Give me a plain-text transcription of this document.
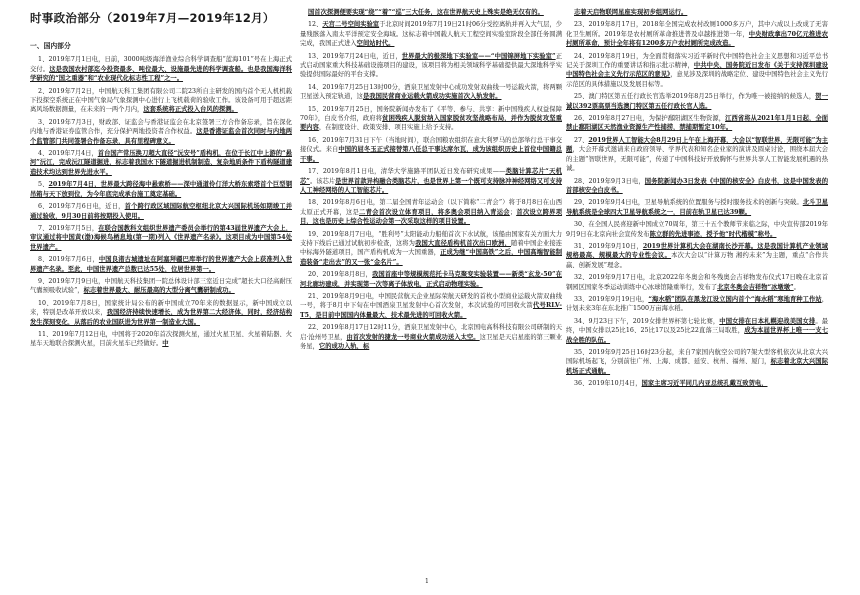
时事政治部分（2019年7月—2019年12月）
一、国内部分
1、2019年7月1日电，日前，3000吨级海洋渔业综合科学调查船“蓝海101”号在上海正式交付。这是我国农村部迄今投资最多、吨位最大、设施最先进的科学调查船。也是我国海洋科学研究的“国之重器”和“农业现代化标志性工程”之一。
2、2019年7月2日，中国航天科工集团有限公司二院23所自主研发的国内首个无人机机载下投探空系统正在中国气象局气象探测中心进行上飞机载荷的验收工作。该设备可用于超远距离风场数据测量，在未来的一两个月内，这套系统将正式投入台风的探测。
3、2019年7月3日，财政部、证监会与香港证监会在北京签署三方合作备忘录，旨在深化内地与香港证券监管合作，充分保护两地投资者合作权益。这是香港证监会首次同时与内地两个监管部门共同签署合作备忘录，具有里程碑意义。
4、2019年7月4日，首台国产常压换刀超大直径“沅安号”盾构机，在位于长江中上游的“悬河”沅江，完成沅江隧道掘进，标志着我国水下隧道掘进机制制造、复杂地质条件下盾构隧道建造技术均达到世界先进水平。
5、2019年7月4日，世界最大跨径海中悬索桥——深中通道伶仃洋大桥东索塔首个巨型钢吊箱与天下放到位，为今年底完成承台施工奠定基础。
6、2019年7月6日电，近日，首个跨行政区域国际航空枢纽北京大兴国际机场如期竣工并通过验收，9月30日前将按期投入使用。
7、2019年7月5日，在联合国教科文组织世界遗产委员会举行的第43届世界遗产大会上，审议通过将中国黄(渤)海候鸟栖息地(第一期)列入《世界遗产名录》。这项目成为中国第54处世界遗产。
8、2019年7月6日，中国良渚古城遗址在阿塞拜疆巴库举行的世界遗产大会上获准列入世界遗产名录。至此，中国世界遗产总数已达55处，位居世界第一。
9、2019年7月9日电，中国航天科技集团一院总体设计部三室近日完成“超长大口径高耐压气囊预吸收试验”，标志着世界最大、耐压最高的大型分离气囊研制成功。
10、2019年7月8日，国家统计局公布的新中国成立70年来的数据显示，新中国成立以来，特别是改革开放以来，我国经济持续快速增长，成为世界第二大经济体，同时，经济结构发生深刻变化，从落后的农业国跃进为世界第一制造业大国。
11、2019年7月12日电，中国将于2020年首次探测火星，通过火星卫星、火星着陆器、火星车天地联合探测火星，目前火星车已经做好。中
国首次探测便要实现“绕”“着”“巡”三大任务，这在世界航天史上殊实是绝无仅有的。
12、天宫二号空间实验室于北京时间2019年7月19日21时06分受控离轨并再入大气层，少量残骸落入南太平洋预定安全海域。这标志着中国载人航天工程空间实验室阶段全部任务圆满完成，我国正式进入空间站时代。
13、2019年7月24日电，近日，世界最大的极深地下实验室——“中国锦屏地下实验室”正式启动国家重大科技基础设施项目的建设，该项目将为相关领域科学基础提供最大深地科学实验提供国际最好的平台支撑。
14、2019年7月25日13时00分，酒泉卫星发射中心成功发射双曲线一号运载火箭，将两颗卫星送入预定轨道，这是我国民营商业运载火箭成功实施首次入轨发射。
15、2019年7月25日，国务院新闻办发布了《平等、参与、共享：新中国残疾人权益保障70年》，白皮书介绍，政府将贫困残疾人脱贫纳入国家脱贫攻坚战略布局，并作为脱贫攻坚重要内容，在制度设计、政策安排、项目实施上给予支持。
16、2019年7月31日下午（当地时间），联合国粮农组织在意大利罗马的总部举行总干事交接仪式。来自中国的屈冬玉正式接替第八任总干事达席尔瓦，成为该组织历史上首位中国籍总干事。
17、2019年8月1日电，清华大学施路平团队近日发布研究成果——类脑计算芯片“天机芯”。该芯片是世界首款异构融合类脑芯片，也是世界上第一个既可支持脉冲神经网络又可支持人工神经网络的人工智能芯片。
18、2019年8月6日电，第二届全国青年运动会（以下简称“二青会”）将于8月8日在山西太原正式开幕，这是二青会首次设立体育项目，将多奥会项目纳入青运会；首次设立跨界项目，这也是历史上综合性运动会第一次采取这样的项目设置。
19、2019年8月7日电，“胜利号”太阳能动力船舶首次下水试航，该船由国家有关方面大力支持下线后已通过试航初步检查，这将为我国大直径盾构机首次出口欧洲，随着中国企业接连中标海外隧道项目，国产盾构机成为一大国重器，正成为继“中国高铁”之后，中国高端智能制造装备“走出去”的又一张“金名片”。
20、2019年8月8日，我国首座中等规模规范托卡马克聚变实验装置——新类“玄龙-50”在河北廊坊建成，并实现第一次等离子体放电，正式启动物理实验。
21、2019年8月9日电，中国民营航天企业星际荣航天研发的首枚小型商业运载火箭双曲线一号，将于8月中下旬在中国酒泉卫星发射中心首次发射，本次试验的可回收火箭代号RLV-T5，是目前中国国内体量最大、技术最先进的可回收火箭。
22、2019年8月17日12时11分，酒泉卫星发射中心，北京国电高科科技有限公司研制的天启·沧州号卫星，由首次发射的捷龙一号商业火箭成功送入太空。这卫星是天启星座的第三颗业务星，它的成功入轨，标
志着天启物联网星座实现初步组网运行。
23、2019年8月17日，2018年全国完成农村改厕1000多万户，其中六成以上改成了无害化卫生厕所。2019年是农村厕所革命推进普及卓越推进第一年，中央财政拿出70亿元推进农村厕所革命，预计全年将有1200多万户农村厕所完成改造。
24、2019年8月19日，为全面贯彻落实习近平新时代中国特色社会主义思想和习近平总书记关于深圳工作的重要讲话和指示批示精神，中共中央、国务院近日发布《关于支持深圳建设中国特色社会主义先行示范区的意见》，意见涉及深圳的战略定位、建设中国特色社会主义先行示范区的具体措施以及发展目标等。
25、澳门特区第五任行政长官选举2019年8月25日举行，作为唯一被接纳的候选人，贺一诚以392票高票当选澳门特区第五任行政长官人选。
26、2019年8月27日电，为保护鄱阳湖区生物资源，江西省将从2021年1月1日起，全面禁止鄱阳湖区天然渔业资源生产性捕捞，禁捕期暂定10年。
27、2019世界人工智能大会8月29日上午在上海开幕，大会以“智联世界，无限可能”为主题，大会开幕式邀请来自政府领导、学界代表和知名企业家的演讲及圆桌讨论，围绕本届大会的主题“智联世界，无限可能”，传递了中国科技好开放胸怀与世界共享人工智能发展机遇的热诚。
28、2019年9月3日电，国务院新闻办3日发表《中国的核安全》白皮书，这是中国发表的首部核安全白皮书。
29、2019年9月4日电，卫星导航系统的位置服务与授时服务技术的创新与突破。北斗卫星导航系统是全球四大卫星导航系统之一，目前在轨卫星已达39颗。
30、在全国人民喜迎新中国成立70周年，第三十五个教师节来临之际，中央宣传部2019年9月9日在北京向社会宣传发布陈立群的先进事迹，授予他“时代楷模”称号。
31、2019年9月10日，2019世界计算机大会在湖南长沙开幕。这是我国计算机产业领域规格最高、规模最大的专业性会议。本次大会以“计算万物 湘约未来”为主题，重点“合作共赢、创新发展”理念。
32、2019年9月17日电，北京2022年冬奥会和冬残奥会吉祥物发布仪式17日晚在北京首钢园区国家冬季运动训练中心冰球馆隆重举行，发布了北京冬奥会吉祥物“冰墩墩”。
33、2019年9月19日电，“海水稻”团队在黑龙江设立国内首个“海水稻”寒地育种工作站，计划未来3年在东北推广1500万亩海水稻。
34、9月23日下午，2019女排世界杯第七轮比赛，中国女排在日本札幌迎战美国女排。最终，中国女排以25比16、25比17以及25比22直落三局取胜，成为本届世界杯上唯一一支七战全胜的队伍。
35、2019年9月25日16时23分起，来自7家国内航空公司的7架大型客机依次从北京大兴国际机场起飞，分别前往广州、上海、成都、延安、杭州、福州、厦门，标志着北京大兴国际机场正式通航。
36、2019年10月4日，国家主席习近平同几内亚总统孔戴互致贺电，
1
